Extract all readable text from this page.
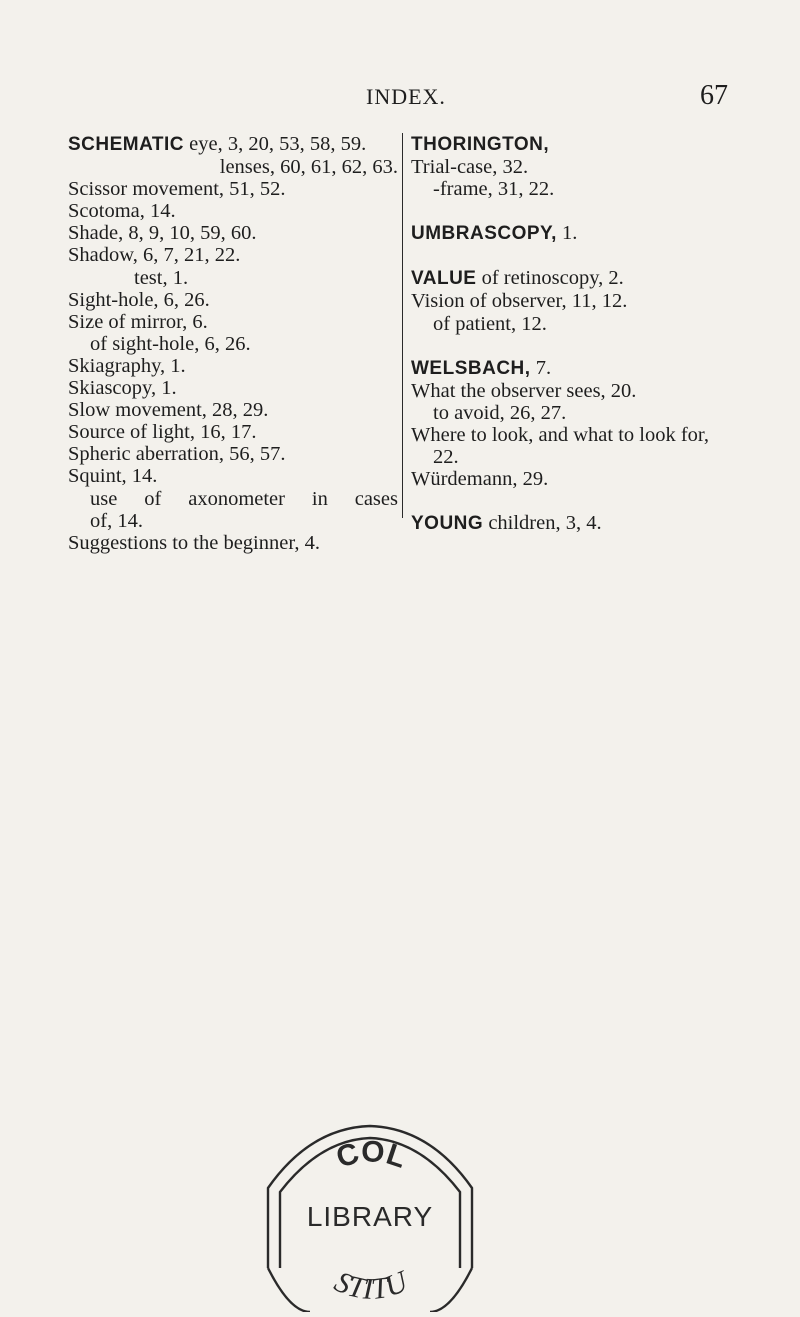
INDEX.	67
SCHEMATIC eye, 3, 20, 53, 58, 59.
lenses, 60, 61, 62, 63.
Scissor movement, 51, 52.
Scotoma, 14.
Shade, 8, 9, 10, 59, 60.
Shadow, 6, 7, 21, 22.
test, 1.
Sight-hole, 6, 26.
Size of mirror, 6.
of sight-hole, 6, 26.
Skiagraphy, 1.
Skiascopy, 1.
Slow movement, 28, 29.
Source of light, 16, 17.
Spheric aberration, 56, 57.
Squint, 14.
use of axonometer in cases
of, 14.
Suggestions to the beginner, 4.
THORINGTON,
Trial-case, 32.
-frame, 31, 22.
UMBRASCOPY, 1.
VALUE of retinoscopy, 2.
Vision of observer, 11, 12.
of patient, 12.
WELSBACH, 7.
What the observer sees, 20.
to avoid, 26, 27.
Where to look, and what to look for,
22.
Würdemann, 29.
YOUNG children, 3, 4.
COL
LIBRARY
STITU
